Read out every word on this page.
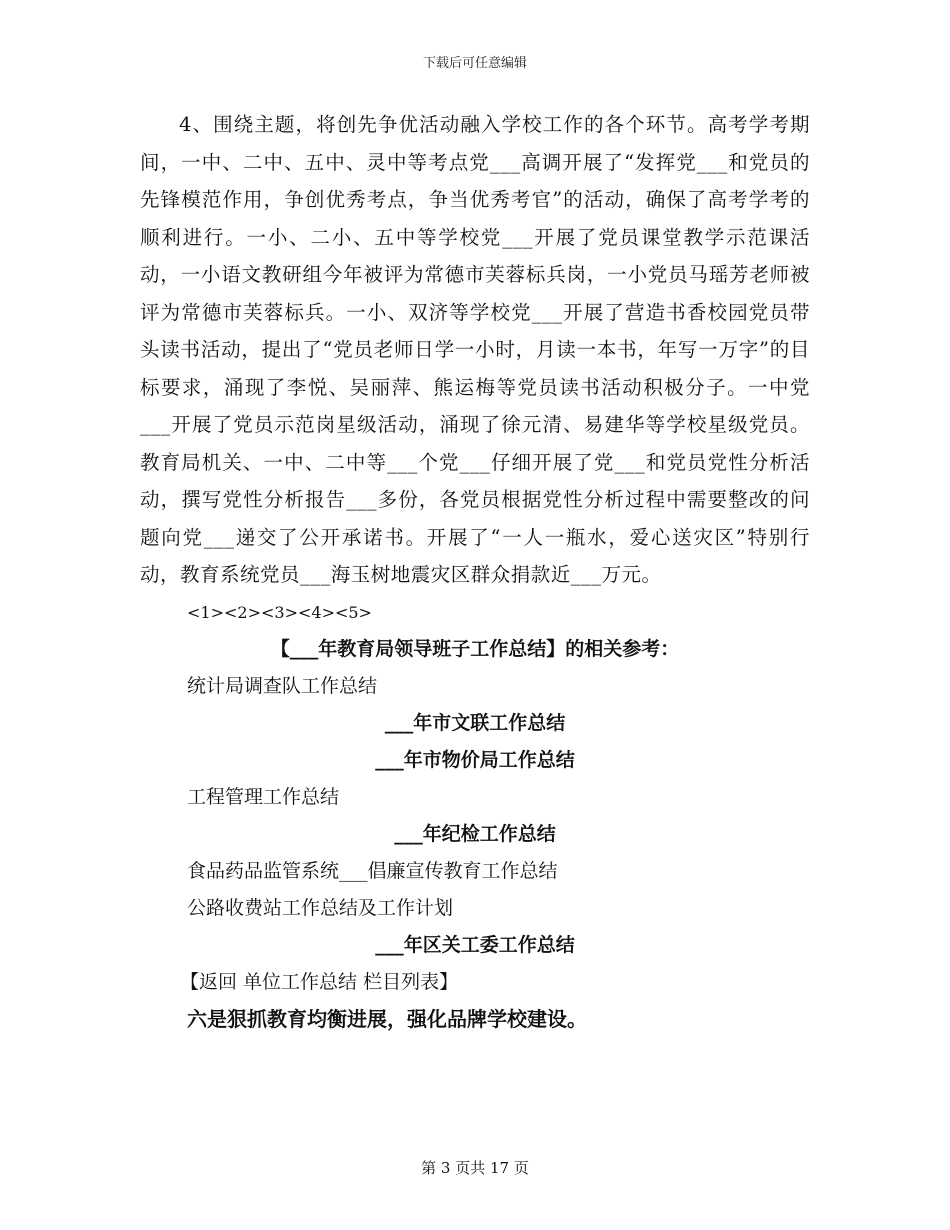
下载后可任意编辑

4、围绕主题，将创先争优活动融入学校工作的各个环节。高考学考期间，一中、二中、五中、灵中等考点党___高调开展了“发挥党___和党员的先锋模范作用，争创优秀考点，争当优秀考官”的活动，确保了高考学考的顺利进行。一小、二小、五中等学校党___开展了党员课堂教学示范课活动，一小语文教研组今年被评为常德市芙蓉标兵岗，一小党员马瑶芳老师被评为常德市芙蓉标兵。一小、双济等学校党___开展了营造书香校园党员带头读书活动，提出了“党员老师日学一小时，月读一本书，年写一万字”的目标要求，涌现了李悦、吴丽萍、熊运梅等党员读书活动积极分子。一中党___开展了党员示范岗星级活动，涌现了徐元清、易建华等学校星级党员。教育局机关、一中、二中等___个党___仔细开展了党___和党员党性分析活动，撰写党性分析报告___多份，各党员根据党性分析过程中需要整改的问题向党___递交了公开承诺书。开展了“一人一瓶水，爱心送灾区”特别行动，教育系统党员___海玉树地震灾区群众捐款近___万元。

<1><2><3><4><5>

【___年教育局领导班子工作总结】的相关参考：

统计局调查队工作总结

___年市文联工作总结

___年市物价局工作总结

工程管理工作总结

___年纪检工作总结

食品药品监管系统___倡廉宣传教育工作总结

公路收费站工作总结及工作计划

___年区关工委工作总结

【返回 单位工作总结 栏目列表】

六是狠抓教育均衡进展，强化品牌学校建设。

第 3 页共 17 页
